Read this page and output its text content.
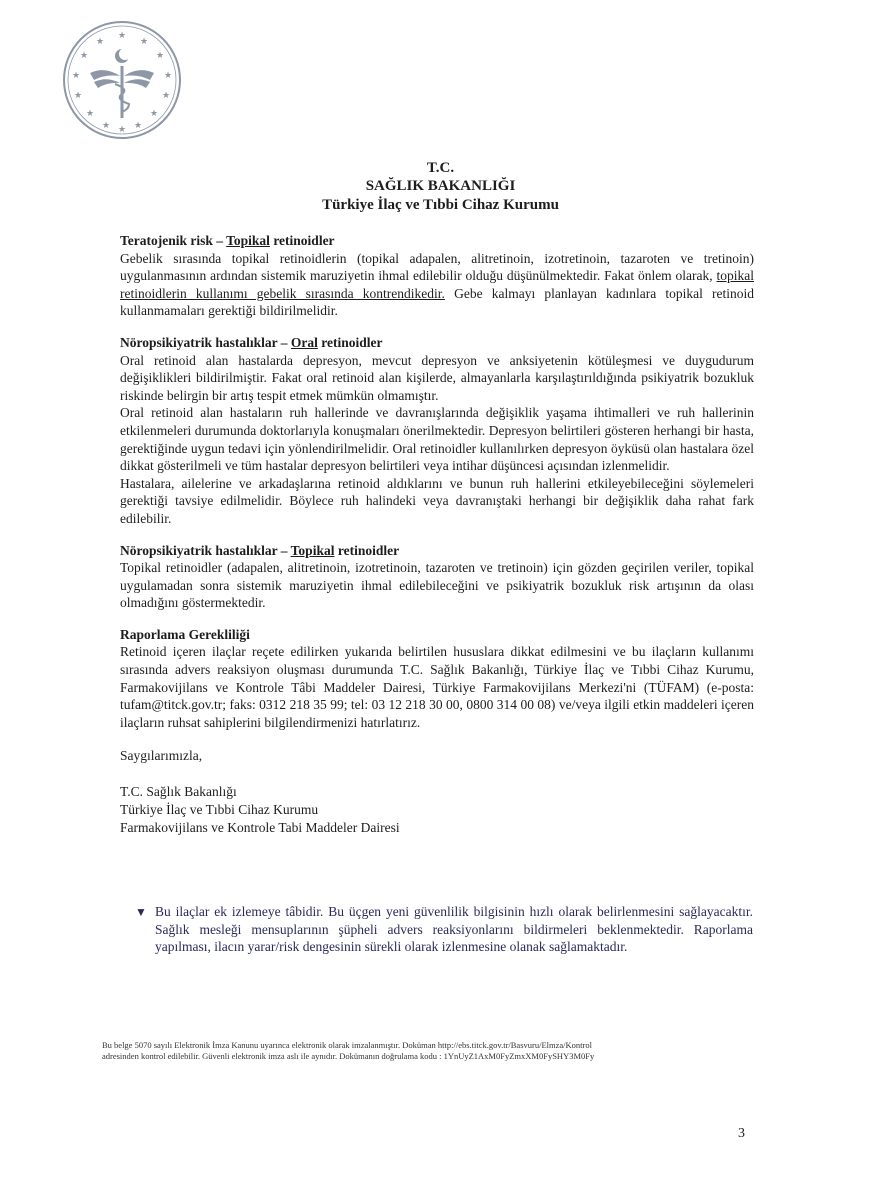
★
★	★
★	★
★	★
★	★
★	★
★	★
★
T.C.
SAĞLIK BAKANLIĞI
Türkiye İlaç ve Tıbbi Cihaz Kurumu
Teratojenik risk – Topikal retinoidler
Gebelik sırasında topikal retinoidlerin (topikal adapalen, alitretinoin, izotretinoin, tazaroten ve tretinoin) uygulanmasının ardından sistemik maruziyetin ihmal edilebilir olduğu düşünülmektedir. Fakat önlem olarak, topikal retinoidlerin kullanımı gebelik sırasında kontrendikedir. Gebe kalmayı planlayan kadınlara topikal retinoid kullanmamaları gerektiği bildirilmelidir.
Nöropsikiyatrik hastalıklar – Oral retinoidler
Oral retinoid alan hastalarda depresyon, mevcut depresyon ve anksiyetenin kötüleşmesi ve duygudurum değişiklikleri bildirilmiştir. Fakat oral retinoid alan kişilerde, almayanlarla karşılaştırıldığında psikiyatrik bozukluk riskinde belirgin bir artış tespit etmek mümkün olmamıştır.
Oral retinoid alan hastaların ruh hallerinde ve davranışlarında değişiklik yaşama ihtimalleri ve ruh hallerinin etkilenmeleri durumunda doktorlarıyla konuşmaları önerilmektedir. Depresyon belirtileri gösteren herhangi bir hasta, gerektiğinde uygun tedavi için yönlendirilmelidir. Oral retinoidler kullanılırken depresyon öyküsü olan hastalara özel dikkat gösterilmeli ve tüm hastalar depresyon belirtileri veya intihar düşüncesi açısından izlenmelidir.
Hastalara, ailelerine ve arkadaşlarına retinoid aldıklarını ve bunun ruh hallerini etkileyebileceğini söylemeleri gerektiği tavsiye edilmelidir. Böylece ruh halindeki veya davranıştaki herhangi bir değişiklik daha rahat fark edilebilir.
Nöropsikiyatrik hastalıklar – Topikal retinoidler
Topikal retinoidler (adapalen, alitretinoin, izotretinoin, tazaroten ve tretinoin) için gözden geçirilen veriler, topikal uygulamadan sonra sistemik maruziyetin ihmal edilebileceğini ve psikiyatrik bozukluk risk artışının da olası olmadığını göstermektedir.
Raporlama Gerekliliği
Retinoid içeren ilaçlar reçete edilirken yukarıda belirtilen hususlara dikkat edilmesini ve bu ilaçların kullanımı sırasında advers reaksiyon oluşması durumunda T.C. Sağlık Bakanlığı, Türkiye İlaç ve Tıbbi Cihaz Kurumu, Farmakovijilans ve Kontrole Tâbi Maddeler Dairesi, Türkiye Farmakovijilans Merkezi'ni (TÜFAM) (e-posta: tufam@titck.gov.tr; faks: 0312 218 35 99; tel: 03 12 218 30 00, 0800 314 00 08) ve/veya ilgili etkin maddeleri içeren ilaçların ruhsat sahiplerini bilgilendirmenizi hatırlatırız.
Saygılarımızla,
T.C. Sağlık Bakanlığı
Türkiye İlaç ve Tıbbi Cihaz Kurumu
Farmakovijilans ve Kontrole Tabi Maddeler Dairesi
▼ Bu ilaçlar ek izlemeye tâbidir. Bu üçgen yeni güvenlilik bilgisinin hızlı olarak belirlenmesini sağlayacaktır. Sağlık mesleği mensuplarının şüpheli advers reaksiyonlarını bildirmeleri beklenmektedir. Raporlama yapılması, ilacın yarar/risk dengesinin sürekli olarak izlenmesine olanak sağlamaktadır.
Bu belge 5070 sayılı Elektronik İmza Kanunu uyarınca elektronik olarak imzalanmıştır. Doküman http://ebs.titck.gov.tr/Basvuru/Elmza/Kontrol
adresinden kontrol edilebilir. Güvenli elektronik imza aslı ile aynıdır. Dokümanın doğrulama kodu : 1YnUyZ1AxM0FyZmxXM0FySHY3M0Fy
3
